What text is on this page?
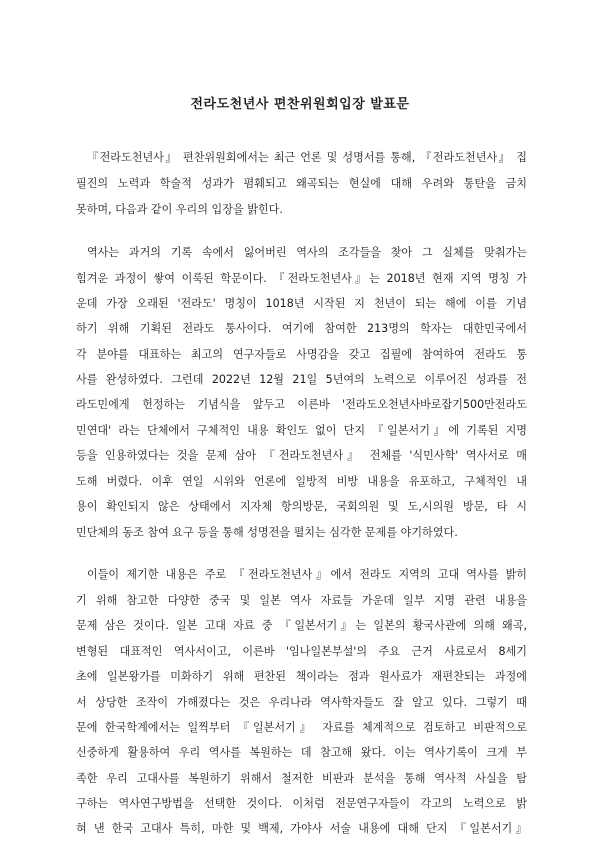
전라도천년사 편찬위원회입장 발표문
『전라도천년사』 편찬위원회에서는 최근 언론 및 성명서를 통해, 『전라도천년사』 집
필진의 노력과 학술적 성과가 폄훼되고 왜곡되는 현실에 대해 우려와 통탄을 금치
못하며, 다음과 같이 우리의 입장을 밝힌다.
역사는 과거의 기록 속에서 잃어버린 역사의 조각들을 찾아 그 실체를 맞춰가는
힘겨운 과정이 쌓여 이룩된 학문이다. 『전라도천년사』는 2018년 현재 지역 명칭 가
운데 가장 오래된 '전라도' 명칭이 1018년 시작된 지 천년이 되는 해에 이를 기념
하기 위해 기획된 전라도 통사이다. 여기에 참여한 213명의 학자는 대한민국에서
각 분야를 대표하는 최고의 연구자들로 사명감을 갖고 집필에 참여하여 전라도 통
사를 완성하였다. 그런데 2022년 12월 21일 5년여의 노력으로 이루어진 성과를 전
라도민에게 헌정하는 기념식을 앞두고 이른바 '전라도오천년사바로잡기500만전라도
민연대' 라는 단체에서 구체적인 내용 확인도 없이 단지 『일본서기』에 기록된 지명
등을 인용하였다는 것을 문제 삼아 『전라도천년사』 전체를 '식민사학' 역사서로 매
도해 버렸다. 이후 연일 시위와 언론에 일방적 비방 내용을 유포하고, 구체적인 내
용이 확인되지 않은 상태에서 지자체 항의방문, 국회의원 및 도,시의원 방문, 타 시
민단체의 동조 참여 요구 등을 통해 성명전을 펼치는 심각한 문제를 야기하였다.
이들이 제기한 내용은 주로 『전라도천년사』에서 전라도 지역의 고대 역사를 밝히
기 위해 참고한 다양한 중국 및 일본 역사 자료들 가운데 일부 지명 관련 내용을
문제 삼은 것이다. 일본 고대 자료 중 『일본서기』는 일본의 황국사관에 의해 왜곡,
변형된 대표적인 역사서이고, 이른바 '임나일본부설'의 주요 근거 사료로서 8세기
초에 일본왕가를 미화하기 위해 편찬된 책이라는 점과 원사료가 재편찬되는 과정에
서 상당한 조작이 가해졌다는 것은 우리나라 역사학자들도 잘 알고 있다. 그렇기 때
문에 한국학계에서는 일찍부터 『일본서기』 자료를 체계적으로 검토하고 비판적으로
신중하게 활용하여 우리 역사를 복원하는 데 참고해 왔다. 이는 역사기록이 크게 부
족한 우리 고대사를 복원하기 위해서 철저한 비판과 분석을 통해 역사적 사실을 탐
구하는 역사연구방법을 선택한 것이다. 이처럼 전문연구자들이 각고의 노력으로 밝
혀 낸 한국 고대사 특히, 마한 및 백제, 가야사 서술 내용에 대해 단지 『일본서기』
